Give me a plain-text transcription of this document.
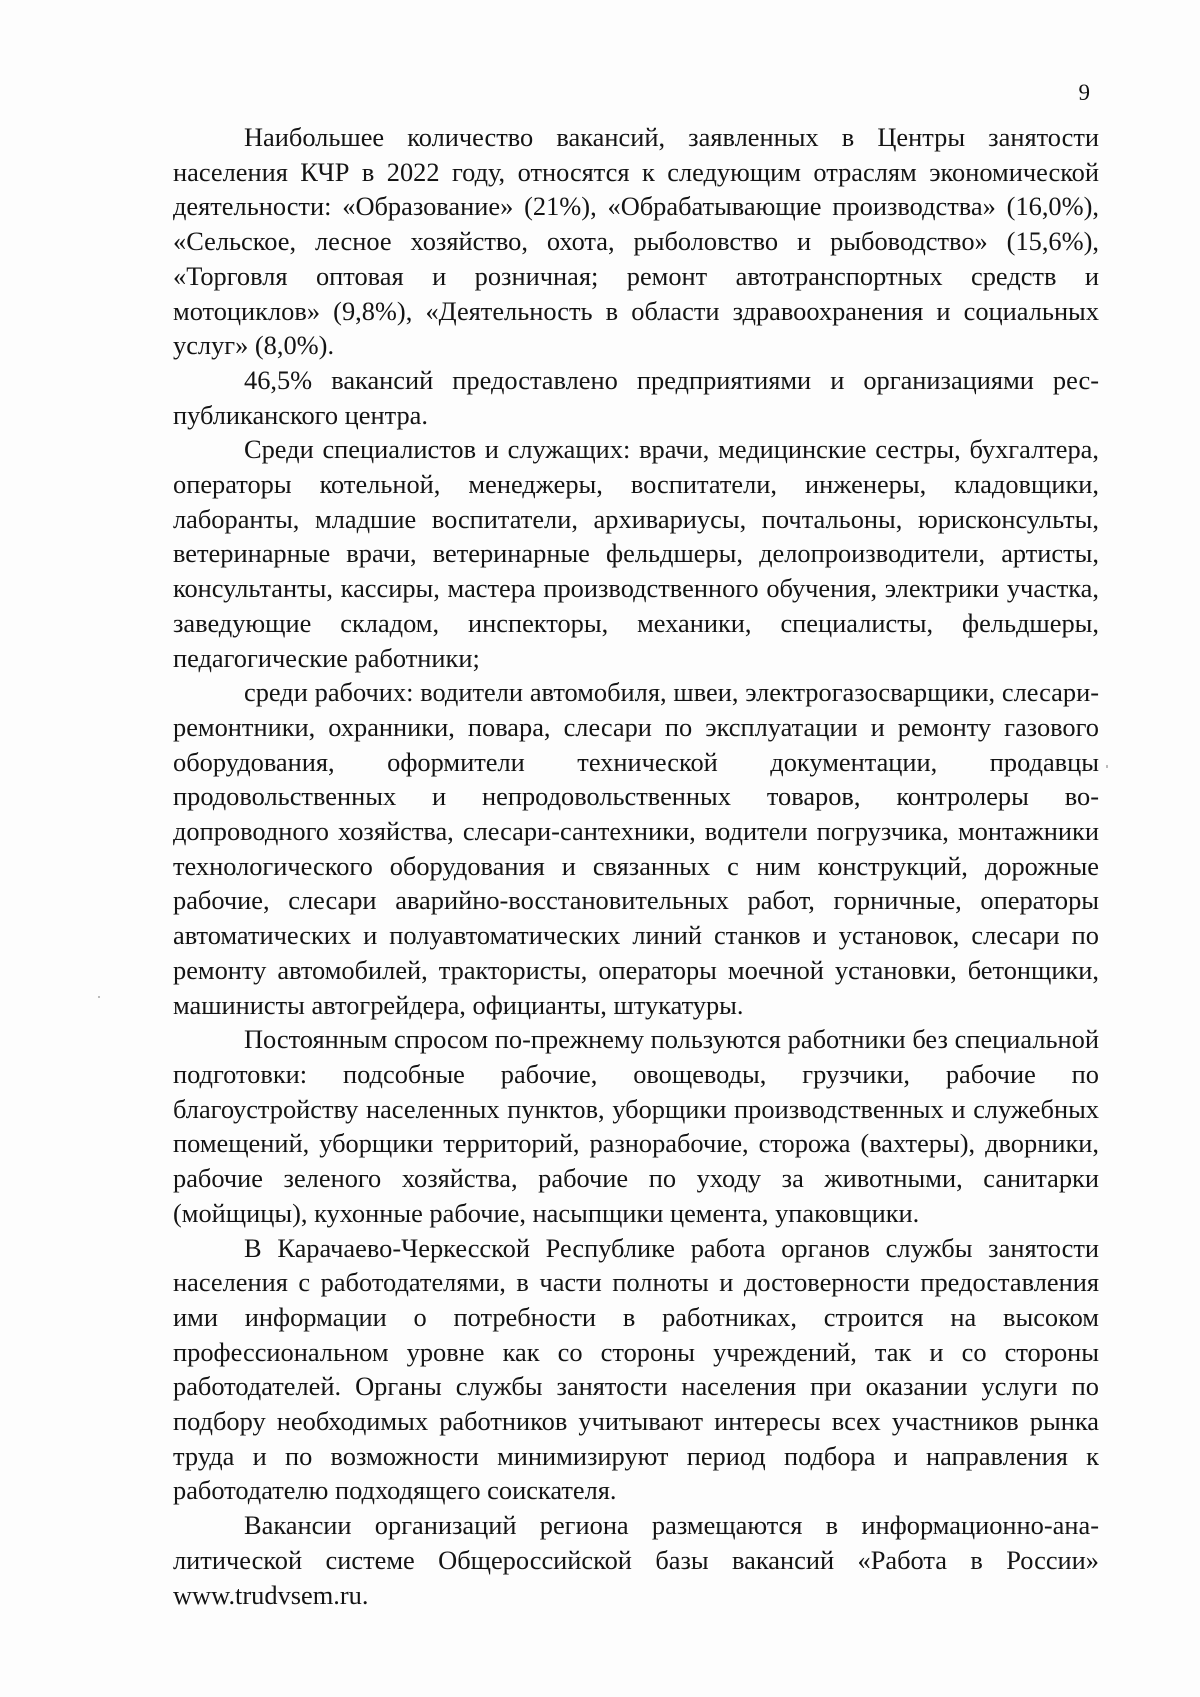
9

Наибольшее количество вакансий, заявленных в Центры занятости населения КЧР в 2022 году, относятся к следующим отраслям экономической деятельности: «Образование» (21%), «Обрабатывающие производства» (16,0%), «Сельское, лесное хозяйство, охота, рыболовство и рыбоводство» (15,6%), «Торговля оптовая и розничная; ремонт автотранспортных средств и мотоциклов» (9,8%), «Деятельность в области здравоохранения и социальных услуг» (8,0%).

46,5% вакансий предоставлено предприятиями и организациями республиканского центра.

Среди специалистов и служащих: врачи, медицинские сестры, бухгалтера, операторы котельной, менеджеры, воспитатели, инженеры, кладовщики, лаборанты, младшие воспитатели, архивариусы, почтальоны, юрисконсульты, ветеринарные врачи, ветеринарные фельдшеры, делопроизводители, артисты, консультанты, кассиры, мастера производственного обучения, электрики участка, заведующие складом, инспекторы, механики, специалисты, фельдшеры, педагогические работники;

среди рабочих: водители автомобиля, швеи, электрогазосварщики, слесари-ремонтники, охранники, повара, слесари по эксплуатации и ремонту газового оборудования, оформители технической документации, продавцы продовольственных и непродовольственных товаров, контролеры водопроводного хозяйства, слесари-сантехники, водители погрузчика, монтажники технологического оборудования и связанных с ним конструкций, дорожные рабочие, слесари аварийно-восстановительных работ, горничные, операторы автоматических и полуавтоматических линий станков и установок, слесари по ремонту автомобилей, трактористы, операторы моечной установки, бетонщики, машинисты автогрейдера, официанты, штукатуры.

Постоянным спросом по-прежнему пользуются работники без специальной подготовки: подсобные рабочие, овощеводы, грузчики, рабочие по благоустройству населенных пунктов, уборщики производственных и служебных помещений, уборщики территорий, разнорабочие, сторожа (вахтеры), дворники, рабочие зеленого хозяйства, рабочие по уходу за животными, санитарки (мойщицы), кухонные рабочие, насыпщики цемента, упаковщики.

В Карачаево-Черкесской Республике работа органов службы занятости населения с работодателями, в части полноты и достоверности предоставления ими информации о потребности в работниках, строится на высоком профессиональном уровне как со стороны учреждений, так и со стороны работодателей. Органы службы занятости населения при оказании услуги по подбору необходимых работников учитывают интересы всех участников рынка труда и по возможности минимизируют период подбора и направления к работодателю подходящего соискателя.

Вакансии организаций региона размещаются в информационно-аналитической системе Общероссийской базы вакансий «Работа в России» www.trudvsem.ru.
